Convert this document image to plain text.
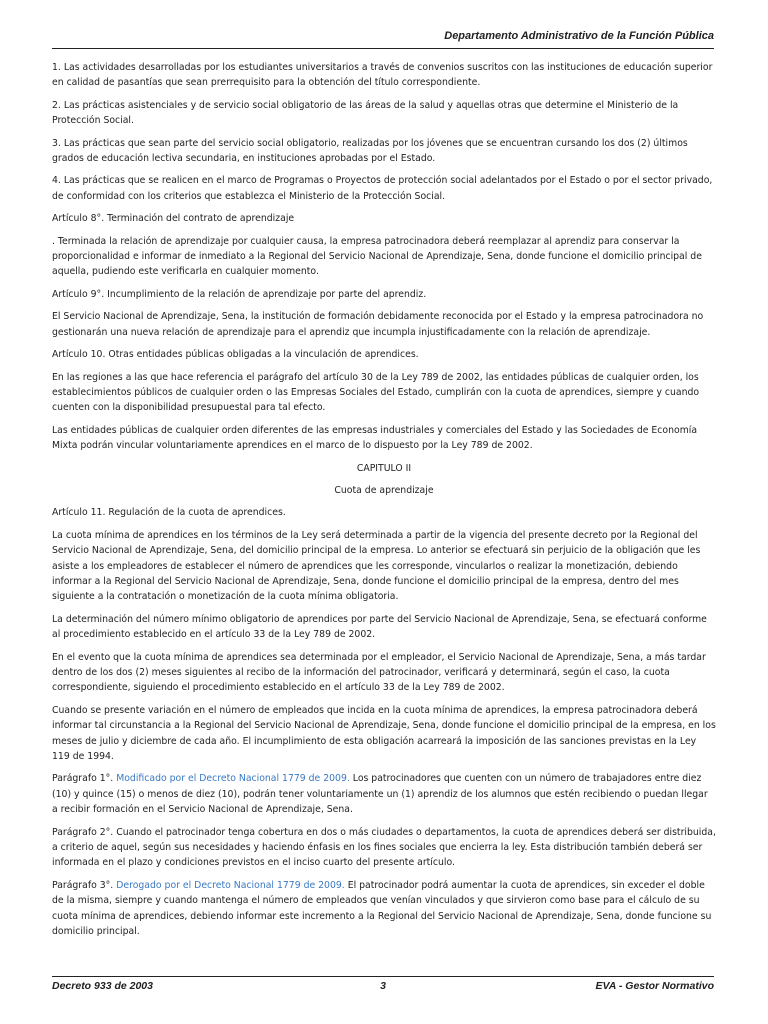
Departamento Administrativo de la Función Pública

1. Las actividades desarrolladas por los estudiantes universitarios a través de convenios suscritos con las instituciones de educación superior en calidad de pasantías que sean prerrequisito para la obtención del título correspondiente.

2. Las prácticas asistenciales y de servicio social obligatorio de las áreas de la salud y aquellas otras que determine el Ministerio de la Protección Social.

3. Las prácticas que sean parte del servicio social obligatorio, realizadas por los jóvenes que se encuentran cursando los dos (2) últimos grados de educación lectiva secundaria, en instituciones aprobadas por el Estado.

4. Las prácticas que se realicen en el marco de Programas o Proyectos de protección social adelantados por el Estado o por el sector privado, de conformidad con los criterios que establezca el Ministerio de la Protección Social.

Artículo 8°. Terminación del contrato de aprendizaje

. Terminada la relación de aprendizaje por cualquier causa, la empresa patrocinadora deberá reemplazar al aprendiz para conservar la proporcionalidad e informar de inmediato a la Regional del Servicio Nacional de Aprendizaje, Sena, donde funcione el domicilio principal de aquella, pudiendo este verificarla en cualquier momento.

Artículo 9°. Incumplimiento de la relación de aprendizaje por parte del aprendiz.

El Servicio Nacional de Aprendizaje, Sena, la institución de formación debidamente reconocida por el Estado y la empresa patrocinadora no gestionarán una nueva relación de aprendizaje para el aprendiz que incumpla injustificadamente con la relación de aprendizaje.

Artículo 10. Otras entidades públicas obligadas a la vinculación de aprendices.

En las regiones a las que hace referencia el parágrafo del artículo 30 de la Ley 789 de 2002, las entidades públicas de cualquier orden, los establecimientos públicos de cualquier orden o las Empresas Sociales del Estado, cumplirán con la cuota de aprendices, siempre y cuando cuenten con la disponibilidad presupuestal para tal efecto.

Las entidades públicas de cualquier orden diferentes de las empresas industriales y comerciales del Estado y las Sociedades de Economía Mixta podrán vincular voluntariamente aprendices en el marco de lo dispuesto por la Ley 789 de 2002.

CAPITULO II

Cuota de aprendizaje

Artículo 11. Regulación de la cuota de aprendices.

La cuota mínima de aprendices en los términos de la Ley será determinada a partir de la vigencia del presente decreto por la Regional del Servicio Nacional de Aprendizaje, Sena, del domicilio principal de la empresa. Lo anterior se efectuará sin perjuicio de la obligación que les asiste a los empleadores de establecer el número de aprendices que les corresponde, vincularlos o realizar la monetización, debiendo informar a la Regional del Servicio Nacional de Aprendizaje, Sena, donde funcione el domicilio principal de la empresa, dentro del mes siguiente a la contratación o monetización de la cuota mínima obligatoria.

La determinación del número mínimo obligatorio de aprendices por parte del Servicio Nacional de Aprendizaje, Sena, se efectuará conforme al procedimiento establecido en el artículo 33 de la Ley 789 de 2002.

En el evento que la cuota mínima de aprendices sea determinada por el empleador, el Servicio Nacional de Aprendizaje, Sena, a más tardar dentro de los dos (2) meses siguientes al recibo de la información del patrocinador, verificará y determinará, según el caso, la cuota correspondiente, siguiendo el procedimiento establecido en el artículo 33 de la Ley 789 de 2002.

Cuando se presente variación en el número de empleados que incida en la cuota mínima de aprendices, la empresa patrocinadora deberá informar tal circunstancia a la Regional del Servicio Nacional de Aprendizaje, Sena, donde funcione el domicilio principal de la empresa, en los meses de julio y diciembre de cada año. El incumplimiento de esta obligación acarreará la imposición de las sanciones previstas en la Ley 119 de 1994.

Parágrafo 1°. Modificado por el Decreto Nacional 1779 de 2009. Los patrocinadores que cuenten con un número de trabajadores entre diez (10) y quince (15) o menos de diez (10), podrán tener voluntariamente un (1) aprendiz de los alumnos que estén recibiendo o puedan llegar a recibir formación en el Servicio Nacional de Aprendizaje, Sena.

Parágrafo 2°. Cuando el patrocinador tenga cobertura en dos o más ciudades o departamentos, la cuota de aprendices deberá ser distribuida, a criterio de aquel, según sus necesidades y haciendo énfasis en los fines sociales que encierra la ley. Esta distribución también deberá ser informada en el plazo y condiciones previstos en el inciso cuarto del presente artículo.

Parágrafo 3°. Derogado por el Decreto Nacional 1779 de 2009. El patrocinador podrá aumentar la cuota de aprendices, sin exceder el doble de la misma, siempre y cuando mantenga el número de empleados que venían vinculados y que sirvieron como base para el cálculo de su cuota mínima de aprendices, debiendo informar este incremento a la Regional del Servicio Nacional de Aprendizaje, Sena, donde funcione su domicilio principal.

Decreto 933 de 2003	3	EVA - Gestor Normativo
